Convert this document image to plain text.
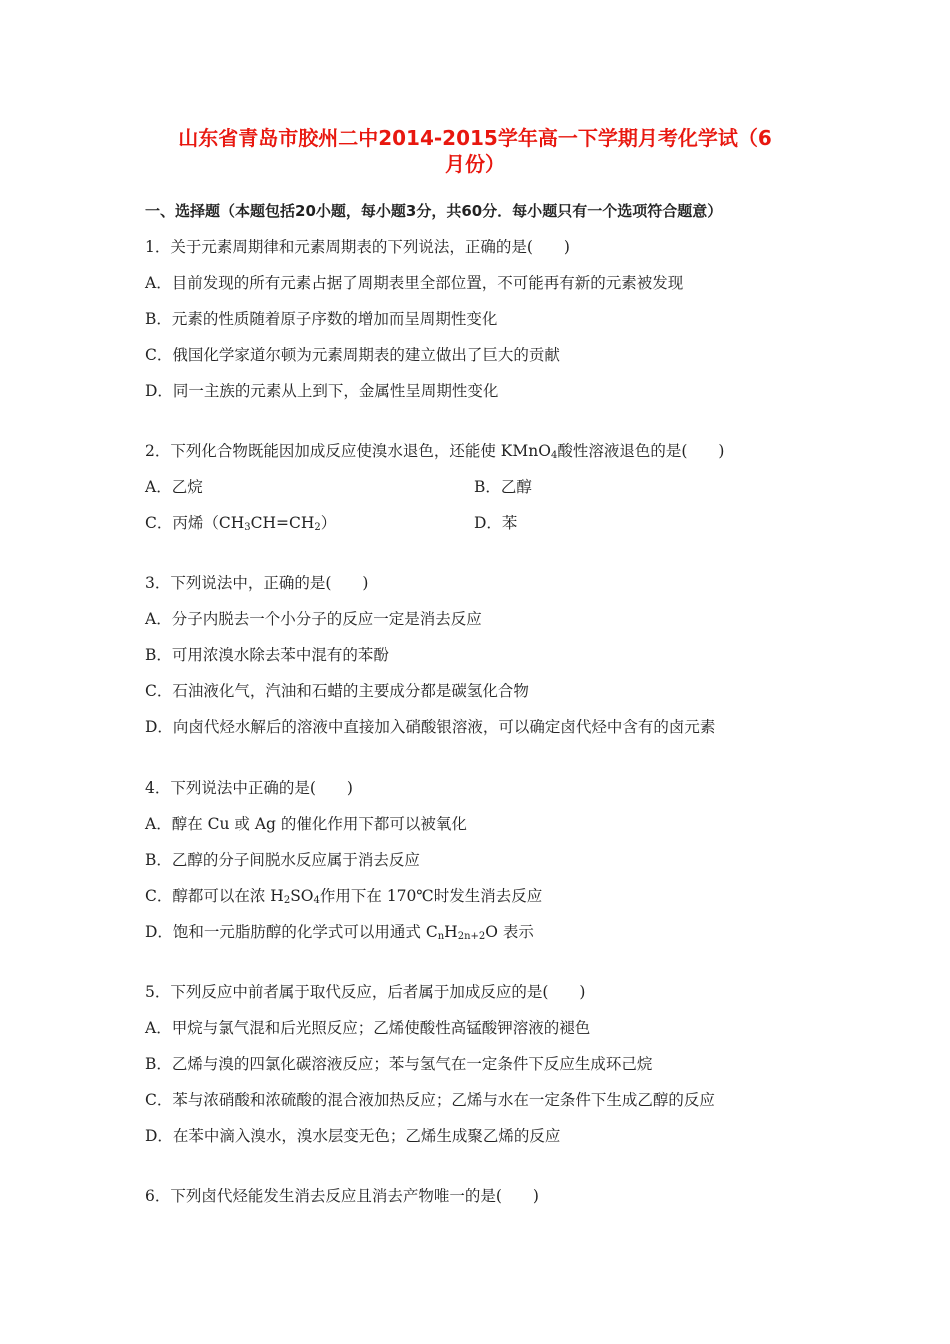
山东省青岛市胶州二中2014-2015学年高一下学期月考化学试（6
月份）
一、选择题（本题包括20小题，每小题3分，共60分．每小题只有一个选项符合题意）
1．关于元素周期律和元素周期表的下列说法，正确的是(　　)
A．目前发现的所有元素占据了周期表里全部位置，不可能再有新的元素被发现
B．元素的性质随着原子序数的增加而呈周期性变化
C．俄国化学家道尔顿为元素周期表的建立做出了巨大的贡献
D．同一主族的元素从上到下，金属性呈周期性变化
2．下列化合物既能因加成反应使溴水退色，还能使 KMnO$_4$酸性溶液退色的是(　　)
A．乙烷	B．乙醇
C．丙烯$(CH_3CH=CH_2)$	D．苯
3．下列说法中，正确的是(　　)
A．分子内脱去一个小分子的反应一定是消去反应
B．可用浓溴水除去苯中混有的苯酚
C．石油液化气，汽油和石蜡的主要成分都是碳氢化合物
D．向卤代烃水解后的溶液中直接加入硝酸银溶液，可以确定卤代烃中含有的卤元素
4．下列说法中正确的是(　　)
A．醇在 Cu 或 Ag 的催化作用下都可以被氧化
B．乙醇的分子间脱水反应属于消去反应
C．醇都可以在浓 $H_2SO_4$作用下在 170℃时发生消去反应
D．饱和一元脂肪醇的化学式可以用通式 $C_nH_{2n+2}O$ 表示
5．下列反应中前者属于取代反应，后者属于加成反应的是(　　)
A．甲烷与氯气混和后光照反应；乙烯使酸性高锰酸钾溶液的褪色
B．乙烯与溴的四氯化碳溶液反应；苯与氢气在一定条件下反应生成环己烷
C．苯与浓硝酸和浓硫酸的混合液加热反应；乙烯与水在一定条件下生成乙醇的反应
D．在苯中滴入溴水，溴水层变无色；乙烯生成聚乙烯的反应
6．下列卤代烃能发生消去反应且消去产物唯一的是(　　)
